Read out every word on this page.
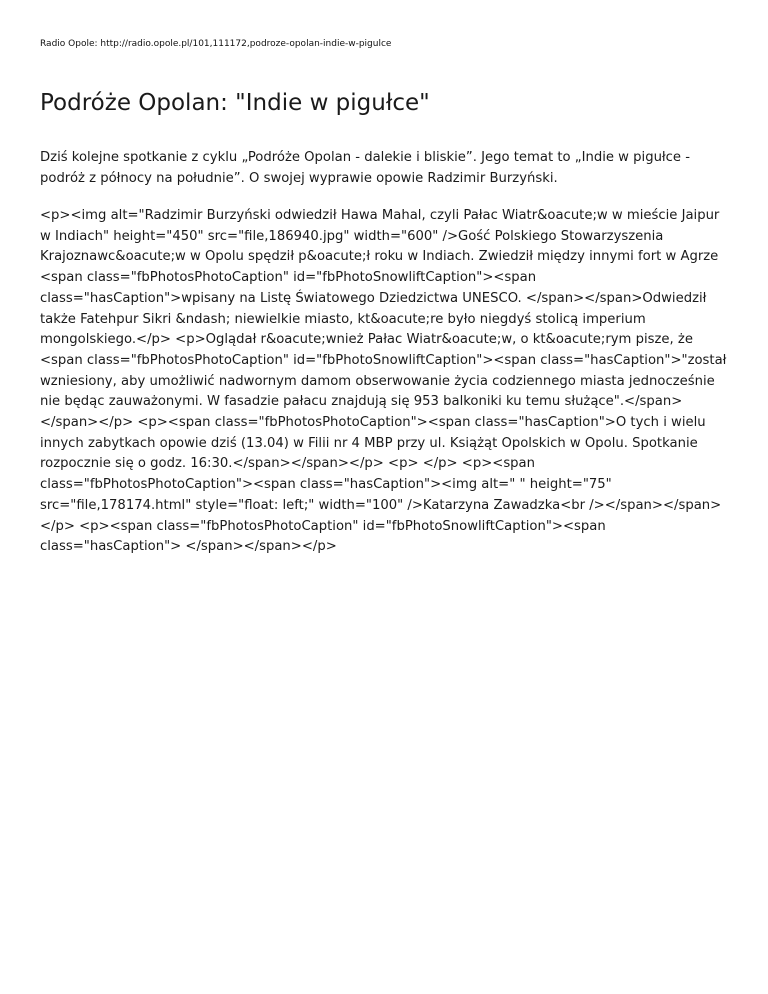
Radio Opole: http://radio.opole.pl/101,111172,podroze-opolan-indie-w-pigulce
Podróże Opolan: "Indie w pigułce"

Dziś kolejne spotkanie z cyklu „Podróże Opolan - dalekie i bliskie”. Jego temat to „Indie w pigułce - podróż z północy na południe”. O swojej wyprawie opowie Radzimir Burzyński.

<p><img alt="Radzimir Burzyński odwiedził Hawa Mahal, czyli Pałac Wiatr&oacute;w w mieście Jaipur w Indiach" height="450" src="file,186940.jpg" width="600" />Gość Polskiego Stowarzyszenia Krajoznawc&oacute;w w Opolu spędził p&oacute;ł roku w Indiach. Zwiedził między innymi fort w Agrze <span class="fbPhotosPhotoCaption" id="fbPhotoSnowliftCaption"><span class="hasCaption">wpisany na Listę Światowego Dziedzictwa UNESCO. </span></span>Odwiedził także Fatehpur Sikri &ndash; niewielkie miasto, kt&oacute;re było niegdyś stolicą imperium mongolskiego.</p> <p>Oglądał r&oacute;wnież Pałac Wiatr&oacute;w, o kt&oacute;rym pisze, że <span class="fbPhotosPhotoCaption" id="fbPhotoSnowliftCaption"><span class="hasCaption">"został wzniesiony, aby umożliwić nadwornym damom obserwowanie życia codziennego miasta jednocześnie nie będąc zauważonymi. W fasadzie pałacu znajdują się 953 balkoniki ku temu służące".</span></span></p> <p><span class="fbPhotosPhotoCaption"><span class="hasCaption">O tych i wielu innych zabytkach opowie dziś (13.04) w Filii nr 4 MBP przy ul. Książąt Opolskich w Opolu. Spotkanie rozpocznie się o godz. 16:30.</span></span></p> <p> </p> <p><span class="fbPhotosPhotoCaption"><span class="hasCaption"><img alt=" " height="75" src="file,178174.html" style="float: left;" width="100" />Katarzyna Zawadzka<br /></span></span></p> <p><span class="fbPhotosPhotoCaption" id="fbPhotoSnowliftCaption"><span class="hasCaption"> </span></span></p>
